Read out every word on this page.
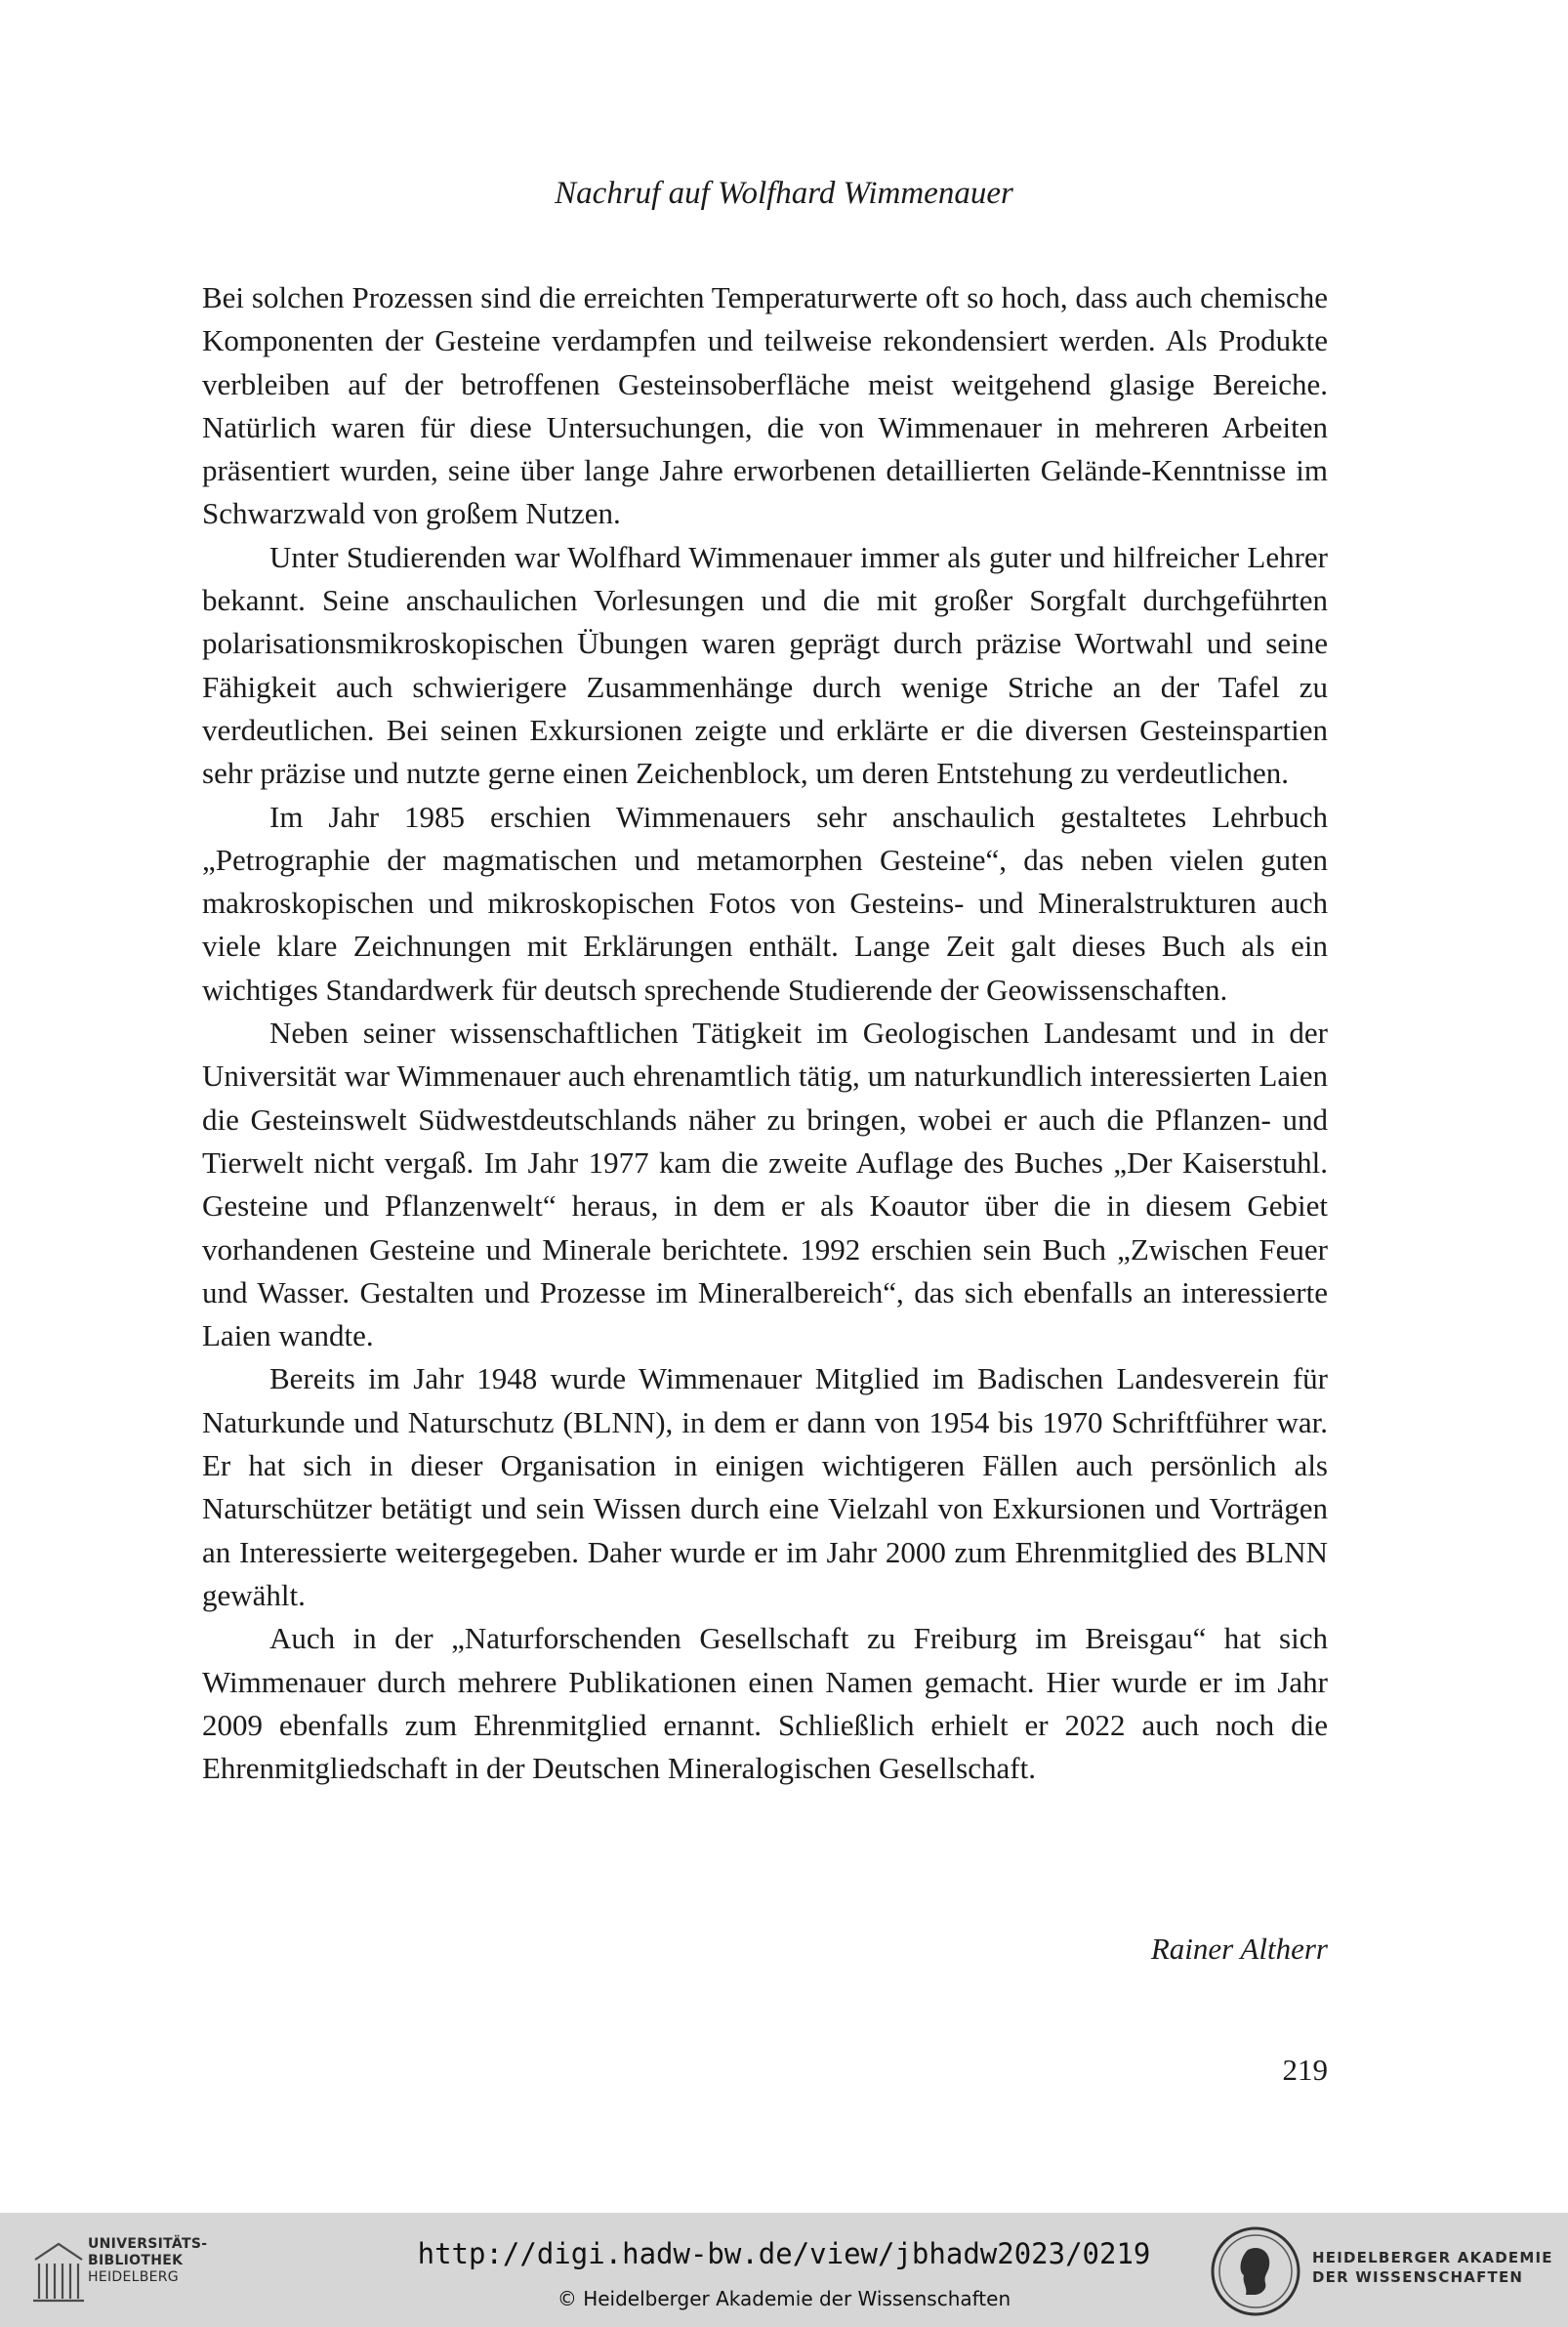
Nachruf auf Wolfhard Wimmenauer

Bei solchen Prozessen sind die erreichten Temperaturwerte oft so hoch, dass auch chemische Komponenten der Gesteine verdampfen und teilweise rekondensiert werden. Als Produkte verbleiben auf der betroffenen Gesteinsoberfläche meist weitgehend glasige Bereiche. Natürlich waren für diese Untersuchungen, die von Wimmenauer in mehreren Arbeiten präsentiert wurden, seine über lange Jahre erworbenen detaillierten Gelände-Kenntnisse im Schwarzwald von großem Nutzen.

Unter Studierenden war Wolfhard Wimmenauer immer als guter und hilfreicher Lehrer bekannt. Seine anschaulichen Vorlesungen und die mit großer Sorgfalt durchgeführten polarisationsmikroskopischen Übungen waren geprägt durch präzise Wortwahl und seine Fähigkeit auch schwierigere Zusammenhänge durch wenige Striche an der Tafel zu verdeutlichen. Bei seinen Exkursionen zeigte und erklärte er die diversen Gesteinspartien sehr präzise und nutzte gerne einen Zeichenblock, um deren Entstehung zu verdeutlichen.

Im Jahr 1985 erschien Wimmenauers sehr anschaulich gestaltetes Lehrbuch „Petrographie der magmatischen und metamorphen Gesteine“, das neben vielen guten makroskopischen und mikroskopischen Fotos von Gesteins- und Mineralstrukturen auch viele klare Zeichnungen mit Erklärungen enthält. Lange Zeit galt dieses Buch als ein wichtiges Standardwerk für deutsch sprechende Studierende der Geowissenschaften.

Neben seiner wissenschaftlichen Tätigkeit im Geologischen Landesamt und in der Universität war Wimmenauer auch ehrenamtlich tätig, um naturkundlich interessierten Laien die Gesteinswelt Südwestdeutschlands näher zu bringen, wobei er auch die Pflanzen- und Tierwelt nicht vergaß. Im Jahr 1977 kam die zweite Auflage des Buches „Der Kaiserstuhl. Gesteine und Pflanzenwelt“ heraus, in dem er als Koautor über die in diesem Gebiet vorhandenen Gesteine und Minerale berichtete. 1992 erschien sein Buch „Zwischen Feuer und Wasser. Gestalten und Prozesse im Mineralbereich“, das sich ebenfalls an interessierte Laien wandte.

Bereits im Jahr 1948 wurde Wimmenauer Mitglied im Badischen Landesverein für Naturkunde und Naturschutz (BLNN), in dem er dann von 1954 bis 1970 Schriftführer war. Er hat sich in dieser Organisation in einigen wichtigeren Fällen auch persönlich als Naturschützer betätigt und sein Wissen durch eine Vielzahl von Exkursionen und Vorträgen an Interessierte weitergegeben. Daher wurde er im Jahr 2000 zum Ehrenmitglied des BLNN gewählt.

Auch in der „Naturforschenden Gesellschaft zu Freiburg im Breisgau“ hat sich Wimmenauer durch mehrere Publikationen einen Namen gemacht. Hier wurde er im Jahr 2009 ebenfalls zum Ehrenmitglied ernannt. Schließlich erhielt er 2022 auch noch die Ehrenmitgliedschaft in der Deutschen Mineralogischen Gesellschaft.

Rainer Altherr
219
UNIVERSITÄTS-
BIBLIOTHEK
HEIDELBERG
http://digi.hadw-bw.de/view/jbhadw2023/0219
© Heidelberger Akademie der Wissenschaften
HEIDELBERGER AKADEMIE
DER WISSENSCHAFTEN
